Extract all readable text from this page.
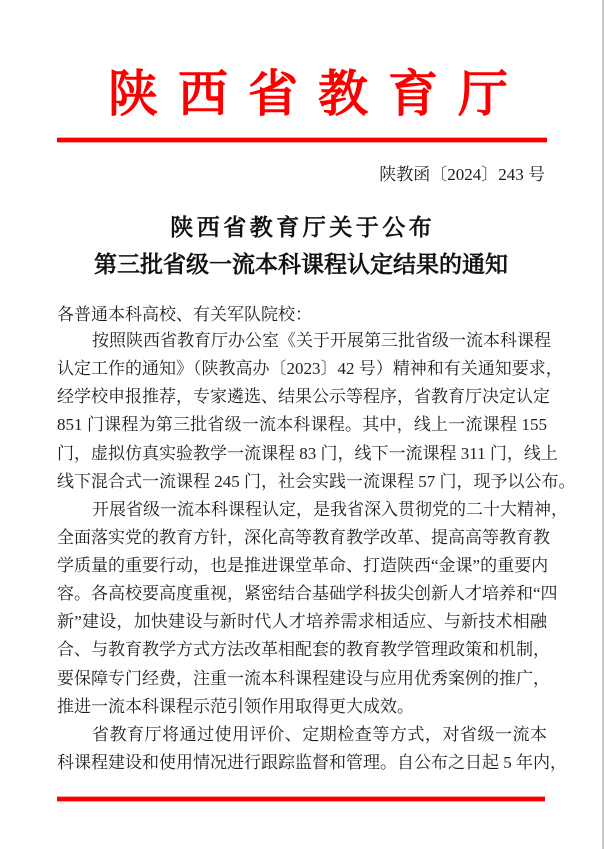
陕西省教育厅
陕教函〔2024〕243 号
陕西省教育厅关于公布
第三批省级一流本科课程认定结果的通知
各普通本科高校、有关军队院校：
按照陕西省教育厅办公室《关于开展第三批省级一流本科课程
认定工作的通知》（陕教高办〔2023〕42 号）精神和有关通知要求，
经学校申报推荐，专家遴选、结果公示等程序，省教育厅决定认定
851 门课程为第三批省级一流本科课程。其中，线上一流课程 155
门，虚拟仿真实验教学一流课程 83 门，线下一流课程 311 门，线上
线下混合式一流课程 245 门，社会实践一流课程 57 门，现予以公布。
开展省级一流本科课程认定，是我省深入贯彻党的二十大精神，
全面落实党的教育方针，深化高等教育教学改革、提高高等教育教
学质量的重要行动，也是推进课堂革命、打造陕西“金课”的重要内
容。各高校要高度重视，紧密结合基础学科拔尖创新人才培养和“四
新”建设，加快建设与新时代人才培养需求相适应、与新技术相融
合、与教育教学方式方法改革相配套的教育教学管理政策和机制，
要保障专门经费，注重一流本科课程建设与应用优秀案例的推广，
推进一流本科课程示范引领作用取得更大成效。
省教育厅将通过使用评价、定期检查等方式，对省级一流本
科课程建设和使用情况进行跟踪监督和管理。自公布之日起 5 年内，
